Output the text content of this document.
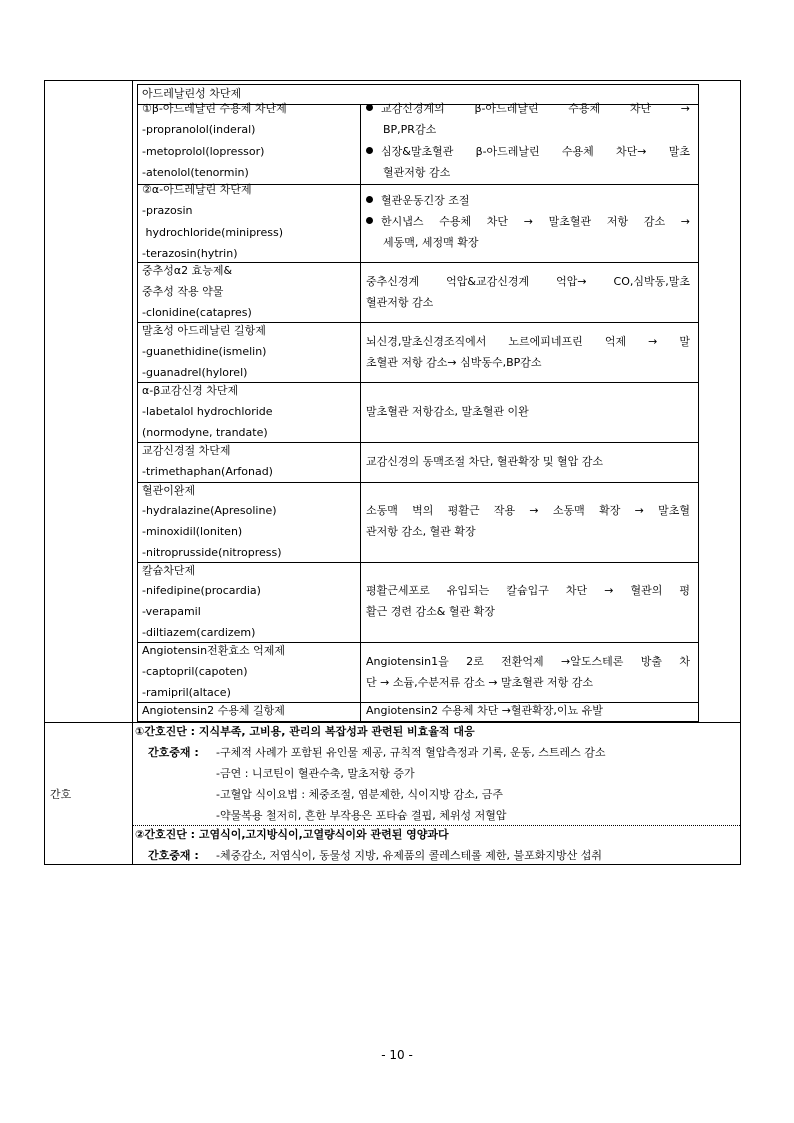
아드레날린성 차단제
①β-아드레날린 수용체 차단제
-propranolol(inderal)
-metoprolol(lopressor)
-atenolol(tenormin)
교감신경계의 β-아드레날린 수용체 차단 →
BP,PR감소
심장&말초혈관 β-아드레날린 수용체 차단→ 말초
혈관저항 감소
②α-아드레날린 차단제
-prazosin
hydrochloride(minipress)
-terazosin(hytrin)
혈관운동긴장 조절
한시냅스 수용체 차단 → 말초혈관 저항 감소 →
세동맥, 세정맥 확장
중추성α2 효능제&
중추성 작용 약물
-clonidine(catapres)
중추신경계 억압&교감신경계 억압→ CO,심박동,말초
혈관저항 감소
말초성 아드레날린 길항제
-guanethidine(ismelin)
-guanadrel(hylorel)
뇌신경,말초신경조직에서 노르에피네프린 억제 → 말
초혈관 저항 감소→ 심박동수,BP감소
α-β교감신경 차단제
-labetalol hydrochloride
(normodyne, trandate)
말초혈관 저항감소, 말초혈관 이완
교감신경절 차단제
-trimethaphan(Arfonad)
교감신경의 동맥조절 차단, 혈관확장 및 혈압 감소
혈관이완제
-hydralazine(Apresoline)
-minoxidil(loniten)
-nitroprusside(nitropress)
소동맥 벽의 평활근 작용 → 소동맥 확장 → 말초혈
관저항 감소, 혈관 확장
칼슘차단제
-nifedipine(procardia)
-verapamil
-diltiazem(cardizem)
평활근세포로 유입되는 칼슘입구 차단 → 혈관의 평
활근 경련 감소& 혈관 확장
Angiotensin전환효소 억제제
-captopril(capoten)
-ramipril(altace)
Angiotensin1을 2로 전환억제 →알도스테론 방출 차
단 → 소듐,수분저류 감소 → 말초혈관 저항 감소
Angiotensin2 수용체 길항제	Angiotensin2 수용체 차단 →혈관확장,이뇨 유발
간호
①간호진단 : 지식부족, 고비용, 관리의 복잡성과 관련된 비효율적 대응
간호중재 : -구체적 사례가 포함된 유인물 제공, 규칙적 혈압측정과 기록, 운동, 스트레스 감소
-금연 : 니코틴이 혈관수축, 말초저항 증가
-고혈압 식이요법 : 체중조절, 염분제한, 식이지방 감소, 금주
-약물복용 철저히, 흔한 부작용은 포타슘 결핍, 체위성 저혈압
②간호진단 : 고염식이,고지방식이,고열량식이와 관련된 영양과다
간호중재 : -체중감소, 저염식이, 동물성 지방, 유제품의 콜레스테롤 제한, 불포화지방산 섭취
- 10 -
